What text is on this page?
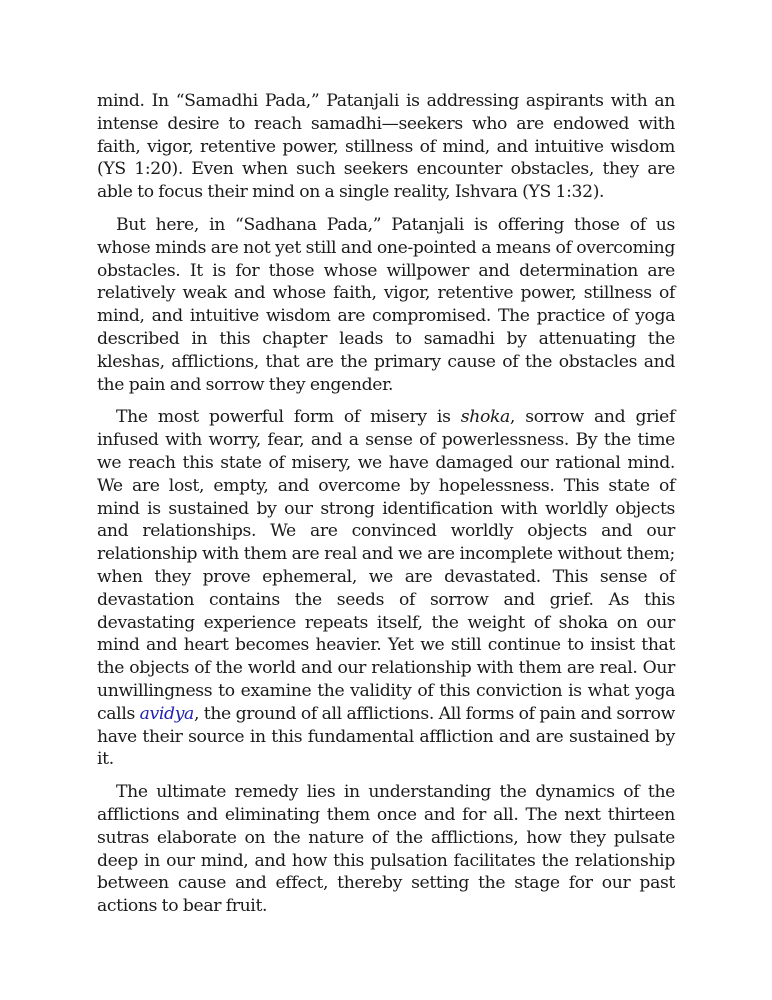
mind. In “Samadhi Pada,” Patanjali is addressing aspirants with an intense desire to reach samadhi—seekers who are endowed with faith, vigor, retentive power, stillness of mind, and intuitive wisdom (YS 1:20). Even when such seekers encounter obstacles, they are able to focus their mind on a single reality, Ishvara (YS 1:32).

But here, in “Sadhana Pada,” Patanjali is offering those of us whose minds are not yet still and one-pointed a means of overcoming obstacles. It is for those whose willpower and determination are relatively weak and whose faith, vigor, retentive power, stillness of mind, and intuitive wisdom are compromised. The practice of yoga described in this chapter leads to samadhi by attenuating the kleshas, afflictions, that are the primary cause of the obstacles and the pain and sorrow they engender.

The most powerful form of misery is shoka, sorrow and grief infused with worry, fear, and a sense of powerlessness. By the time we reach this state of misery, we have damaged our rational mind. We are lost, empty, and overcome by hopelessness. This state of mind is sustained by our strong identification with worldly objects and relationships. We are convinced worldly objects and our relationship with them are real and we are incomplete without them; when they prove ephemeral, we are devastated. This sense of devastation contains the seeds of sorrow and grief. As this devastating experience repeats itself, the weight of shoka on our mind and heart becomes heavier. Yet we still continue to insist that the objects of the world and our relationship with them are real. Our unwillingness to examine the validity of this conviction is what yoga calls avidya, the ground of all afflictions. All forms of pain and sorrow have their source in this fundamental affliction and are sustained by it.

The ultimate remedy lies in understanding the dynamics of the afflictions and eliminating them once and for all. The next thirteen sutras elaborate on the nature of the afflictions, how they pulsate deep in our mind, and how this pulsation facilitates the relationship between cause and effect, thereby setting the stage for our past actions to bear fruit.
